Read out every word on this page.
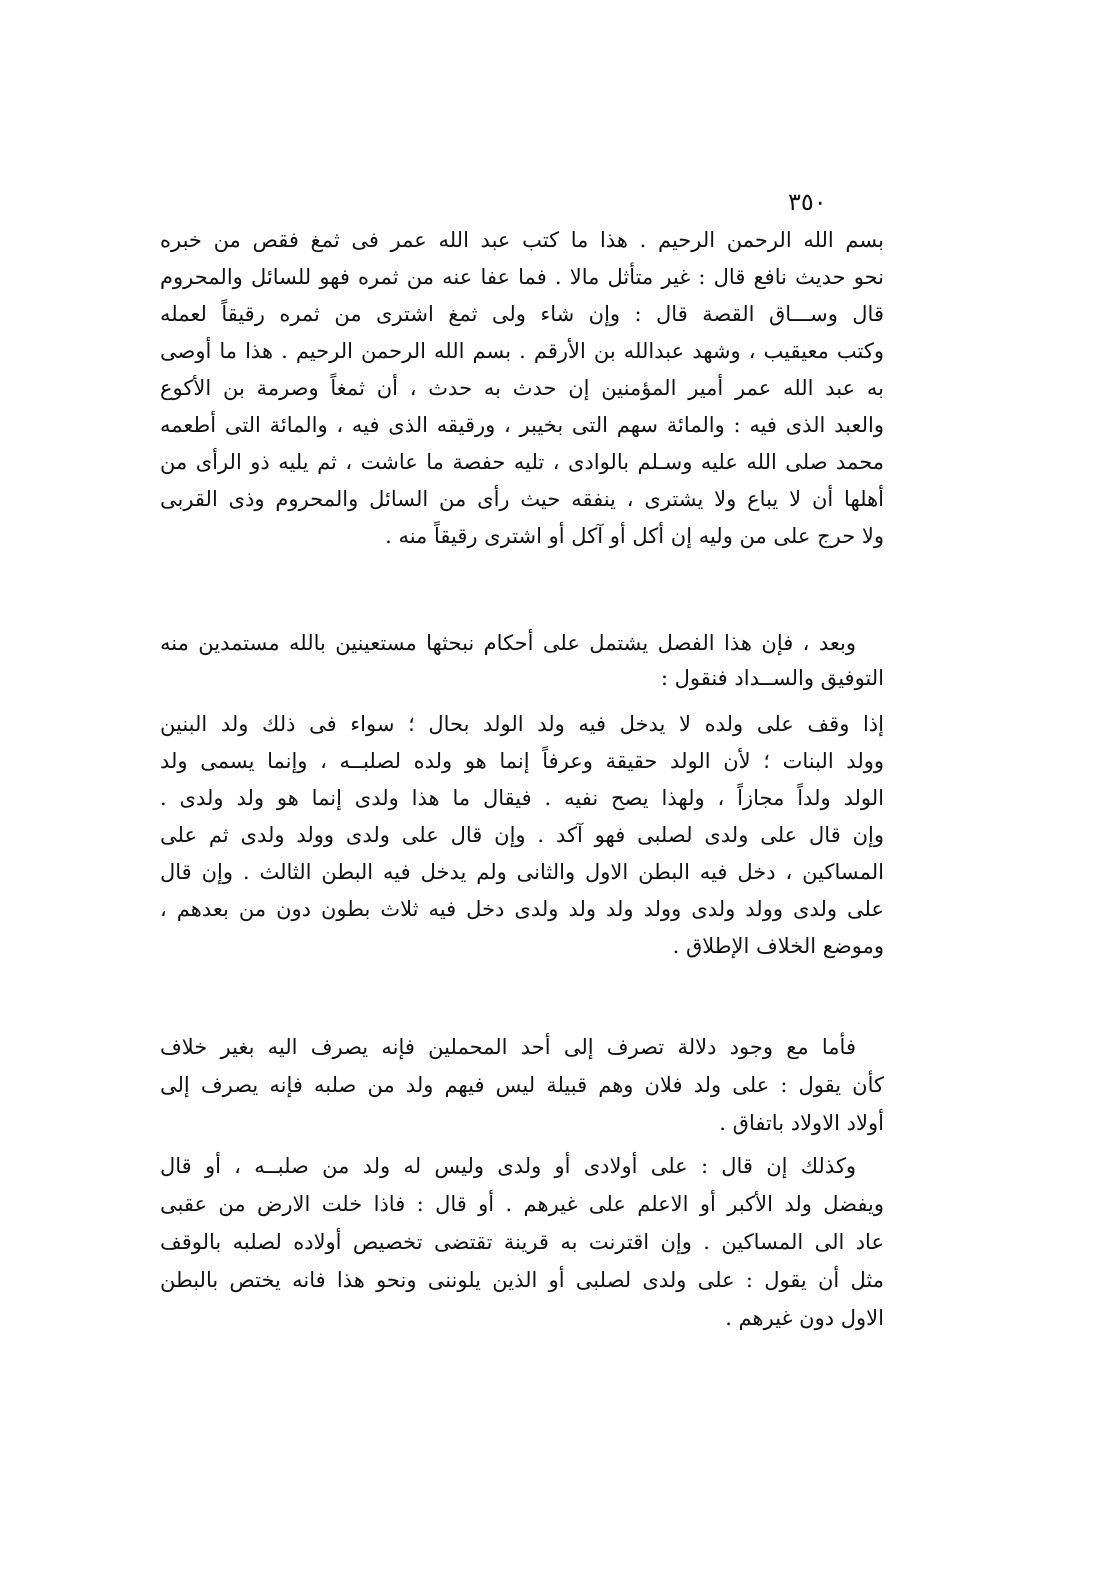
٣٥٠
بسم الله الرحمن الرحيم . هذا ما كتب عبد الله عمر فى ثمغ فقص من خبره
نحو حديث نافع قال : غير متأثل مالا . فما عفا عنه من ثمره فهو للسائل والمحروم
قال وســـاق القصة قال : وإن شاء ولى ثمغ اشترى من ثمره رقيقاً لعمله
وكتب معيقيب ، وشهد عبدالله بن الأرقم . بسم الله الرحمن الرحيم . هذا ما أوصى
به عبد الله عمر أمير المؤمنين إن حدث به حدث ، أن ثمغاً وصرمة بن الأكوع
والعبد الذى فيه : والمائة سهم التى بخيبر ، ورقيقه الذى فيه ، والمائة التى أطعمه
محمد صلى الله عليه وسـلم بالوادى ، تليه حفصة ما عاشت ، ثم يليه ذو الرأى من
أهلها أن لا يباع ولا يشترى ، ينفقه حيث رأى من السائل والمحروم وذى القربى
ولا حرج على من وليه إن أكل أو آكل أو اشترى رقيقاً منه .
وبعد ، فإن هذا الفصل يشتمل على أحكام نبحثها مستعينين بالله مستمدين منه
التوفيق والســداد فنقول :
إذا وقف على ولده لا يدخل فيه ولد الولد بحال ؛ سواء فى ذلك ولد البنين
وولد البنات ؛ لأن الولد حقيقة وعرفاً إنما هو ولده لصلبــه ، وإنما يسمى ولد
الولد ولداً مجازاً ، ولهذا يصح نفيه . فيقال ما هذا ولدى إنما هو ولد ولدى .
وإن قال على ولدى لصلبى فهو آكد . وإن قال على ولدى وولد ولدى ثم على
المساكين ، دخل فيه البطن الاول والثانى ولم يدخل فيه البطن الثالث . وإن قال
على ولدى وولد ولدى وولد ولد ولد ولدى دخل فيه ثلاث بطون دون من بعدهم ،
وموضع الخلاف الإطلاق .
فأما مع وجود دلالة تصرف إلى أحد المحملين فإنه يصرف اليه بغير خلاف
كأن يقول : على ولد فلان وهم قبيلة ليس فيهم ولد من صلبه فإنه يصرف إلى
أولاد الاولاد باتفاق .
وكذلك إن قال : على أولادى أو ولدى وليس له ولد من صلبــه ، أو قال
ويفضل ولد الأكبر أو الاعلم على غيرهم . أو قال : فاذا خلت الارض من عقبى
عاد الى المساكين . وإن اقترنت به قرينة تقتضى تخصيص أولاده لصلبه بالوقف
مثل أن يقول : على ولدى لصلبى أو الذين يلوننى ونحو هذا فانه يختص بالبطن
الاول دون غيرهم .
